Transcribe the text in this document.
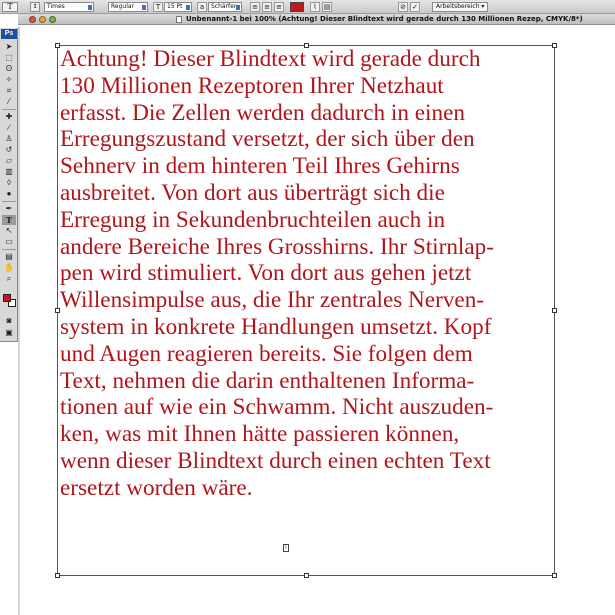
T	↕	Times	Regular	T	15 Pt	a	Schärfer	≡ ≡ ≡	⌇ ▤	⊘ ✓	Arbeitsbereich ▾
Unbenannt-1 bei 100% (Achtung! Dieser Blindtext wird gerade durch 130 Millionen Rezep, CMYK/8*)
Ps
➤
⬚
ʘ
✧
⌗
⁄
✚
∕
♙
↺
▱
▥
◊
●
✒
T
↖
▭
▤
✋
⌕
◙
▣
Achtung! Dieser Blindtext wird gerade durch
130 Millionen Rezeptoren Ihrer Netzhaut
erfasst. Die Zellen werden dadurch in einen
Erregungszustand versetzt, der sich über den
Sehnerv in dem hinteren Teil Ihres Gehirns
ausbreitet. Von dort aus überträgt sich die
Erregung in Sekundenbruchteilen auch in
andere Bereiche Ihres Grosshirns. Ihr Stirnlap-
pen wird stimuliert. Von dort aus gehen jetzt
Willensimpulse aus, die Ihr zentrales Nerven-
system in konkrete Handlungen umsetzt. Kopf
und Augen reagieren bereits. Sie folgen dem
Text, nehmen die darin enthaltenen Informa-
tionen auf wie ein Schwamm. Nicht auszuden-
ken, was mit Ihnen hätte passieren können,
wenn dieser Blindtext durch einen echten Text
ersetzt worden wäre.
I
